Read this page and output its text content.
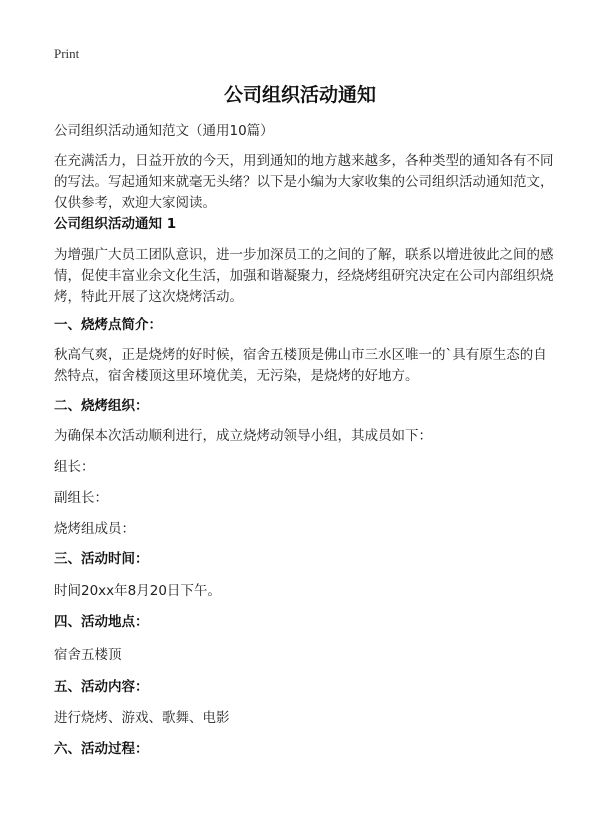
Print
公司组织活动通知
公司组织活动通知范文（通用10篇）
在充满活力，日益开放的今天，用到通知的地方越来越多，各种类型的通知各有不同的写法。写起通知来就毫无头绪？以下是小编为大家收集的公司组织活动通知范文，仅供参考，欢迎大家阅读。
公司组织活动通知 1
为增强广大员工团队意识，进一步加深员工的之间的了解，联系以增进彼此之间的感情，促使丰富业余文化生活，加强和谐凝聚力，经烧烤组研究决定在公司内部组织烧烤，特此开展了这次烧烤活动。
一、烧烤点简介：
秋高气爽，正是烧烤的好时候，宿舍五楼顶是佛山市三水区唯一的`具有原生态的自然特点，宿舍楼顶这里环境优美，无污染，是烧烤的好地方。
二、烧烤组织：
为确保本次活动顺利进行，成立烧烤动领导小组，其成员如下：
组长：
副组长：
烧烤组成员：
三、活动时间：
时间20xx年8月20日下午。
四、活动地点：
宿舍五楼顶
五、活动内容：
进行烧烤、游戏、歌舞、电影
六、活动过程：
